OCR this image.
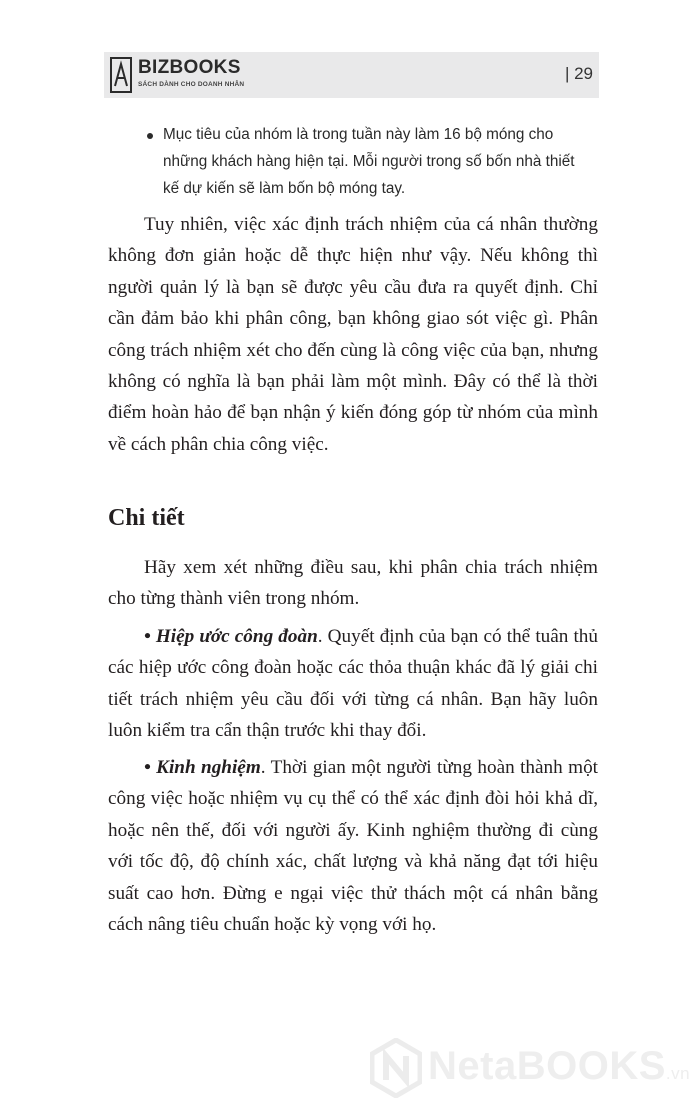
BIZBOOKS
SÁCH DÀNH CHO DOANH NHÂN
| 29
Mục tiêu của nhóm là trong tuần này làm 16 bộ móng cho những khách hàng hiện tại. Mỗi người trong số bốn nhà thiết kế dự kiến sẽ làm bốn bộ móng tay.
Tuy nhiên, việc xác định trách nhiệm của cá nhân thường không đơn giản hoặc dễ thực hiện như vậy. Nếu không thì người quản lý là bạn sẽ được yêu cầu đưa ra quyết định. Chỉ cần đảm bảo khi phân công, bạn không giao sót việc gì. Phân công trách nhiệm xét cho đến cùng là công việc của bạn, nhưng không có nghĩa là bạn phải làm một mình. Đây có thể là thời điểm hoàn hảo để bạn nhận ý kiến đóng góp từ nhóm của mình về cách phân chia công việc.
Chi tiết
Hãy xem xét những điều sau, khi phân chia trách nhiệm cho từng thành viên trong nhóm.
• Hiệp ước công đoàn. Quyết định của bạn có thể tuân thủ các hiệp ước công đoàn hoặc các thỏa thuận khác đã lý giải chi tiết trách nhiệm yêu cầu đối với từng cá nhân. Bạn hãy luôn luôn kiểm tra cẩn thận trước khi thay đổi.
• Kinh nghiệm. Thời gian một người từng hoàn thành một công việc hoặc nhiệm vụ cụ thể có thể xác định đòi hỏi khả dĩ, hoặc nên thế, đối với người ấy. Kinh nghiệm thường đi cùng với tốc độ, độ chính xác, chất lượng và khả năng đạt tới hiệu suất cao hơn. Đừng e ngại việc thử thách một cá nhân bằng cách nâng tiêu chuẩn hoặc kỳ vọng với họ.
NetaBOOKS.vn
